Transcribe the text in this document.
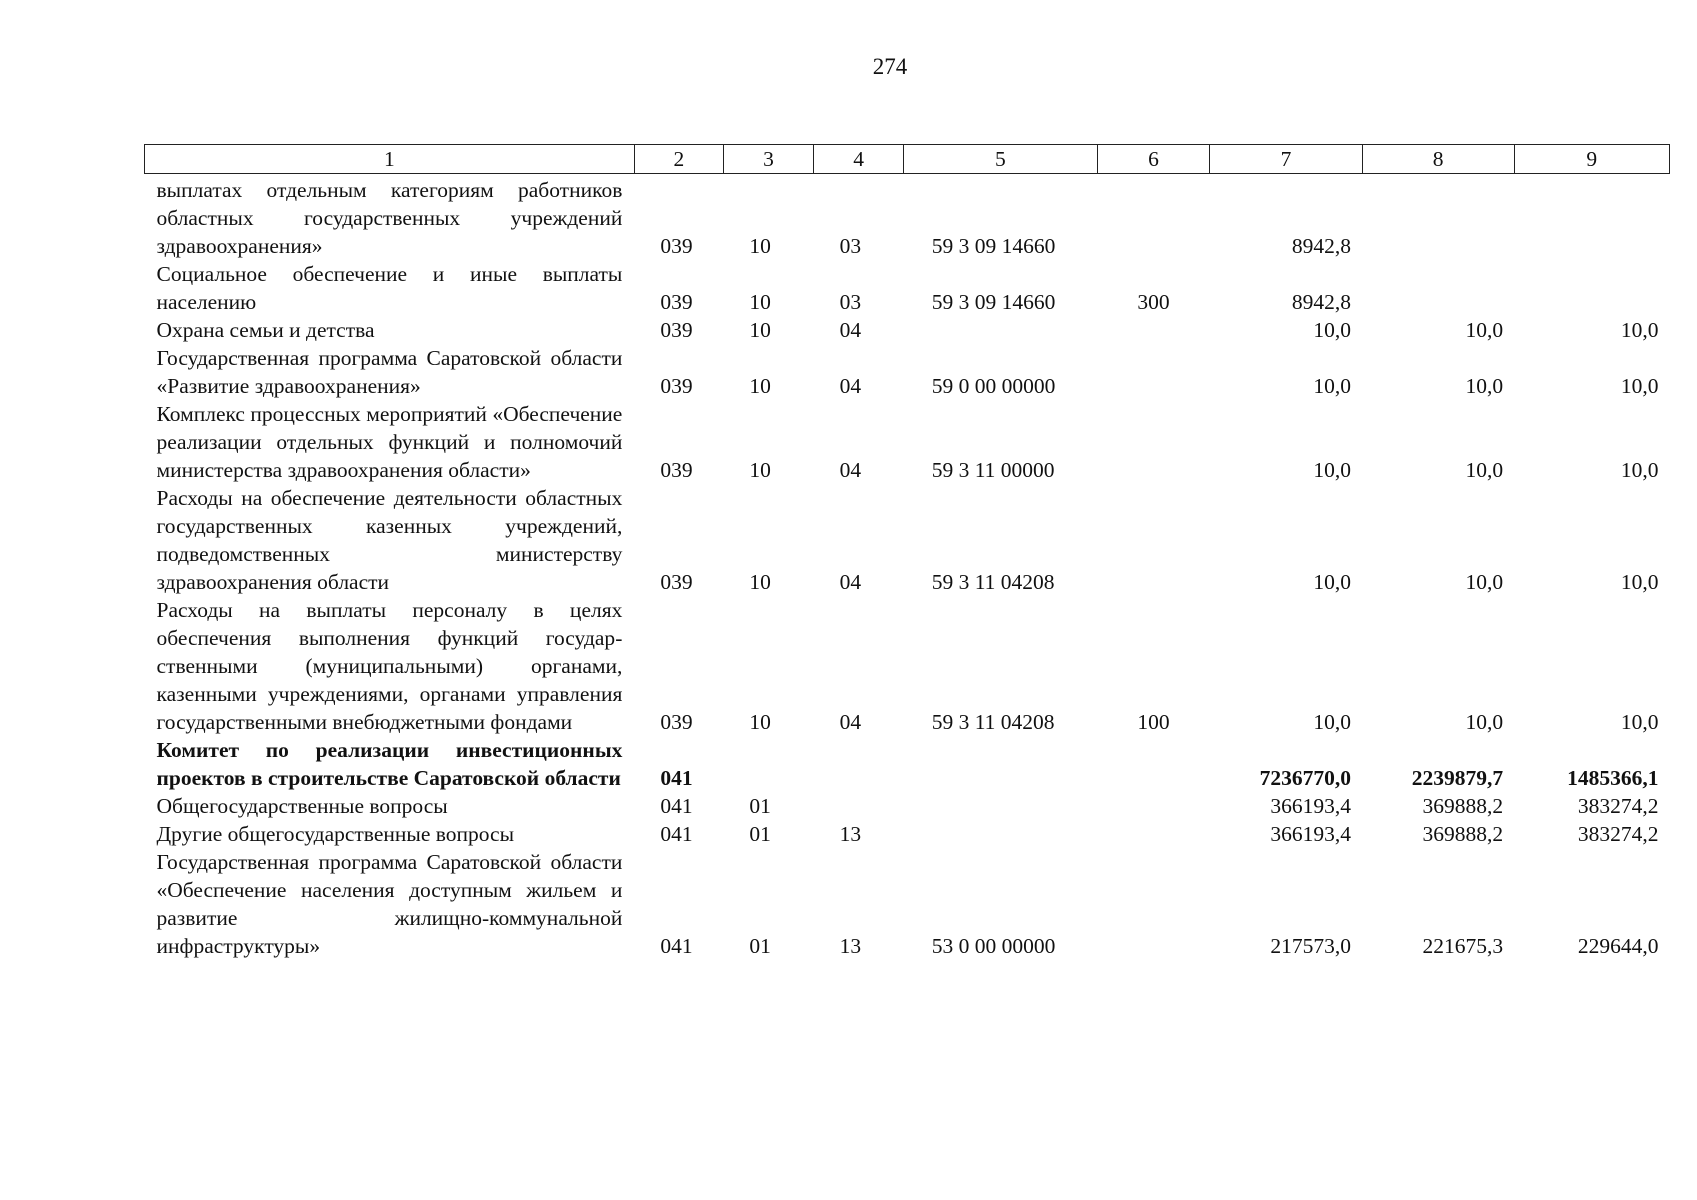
274
1	2	3	4	5	6	7	8	9
выплатах отдельным категориям работников областных государственных учреждений здравоохранения»	039	10	03	59 3 09 14660		8942,8		
Социальное обеспечение и иные выплаты населению	039	10	03	59 3 09 14660	300	8942,8		
Охрана семьи и детства	039	10	04			10,0	10,0	10,0
Государственная программа Саратовской области «Развитие здравоохранения»	039	10	04	59 0 00 00000		10,0	10,0	10,0
Комплекс процессных мероприятий «Обеспечение реализации отдельных функций и полномочий министерства здравоохранения области»	039	10	04	59 3 11 00000		10,0	10,0	10,0
Расходы на обеспечение деятельности областных государственных казенных учреждений, подведомственных министерству здравоохранения области	039	10	04	59 3 11 04208		10,0	10,0	10,0
Расходы на выплаты персоналу в целях обеспечения выполнения функций государственными (муниципальными) органами, казенными учреждениями, органами управления государственными внебюджетными фондами	039	10	04	59 3 11 04208	100	10,0	10,0	10,0
Комитет по реализации инвестиционных проектов в строительстве Саратовской области	041					7236770,0	2239879,7	1485366,1
Общегосударственные вопросы	041	01				366193,4	369888,2	383274,2
Другие общегосударственные вопросы	041	01	13			366193,4	369888,2	383274,2
Государственная программа Саратовской области «Обеспечение населения доступным жильем и развитие жилищно-коммунальной инфраструктуры»	041	01	13	53 0 00 00000		217573,0	221675,3	229644,0
